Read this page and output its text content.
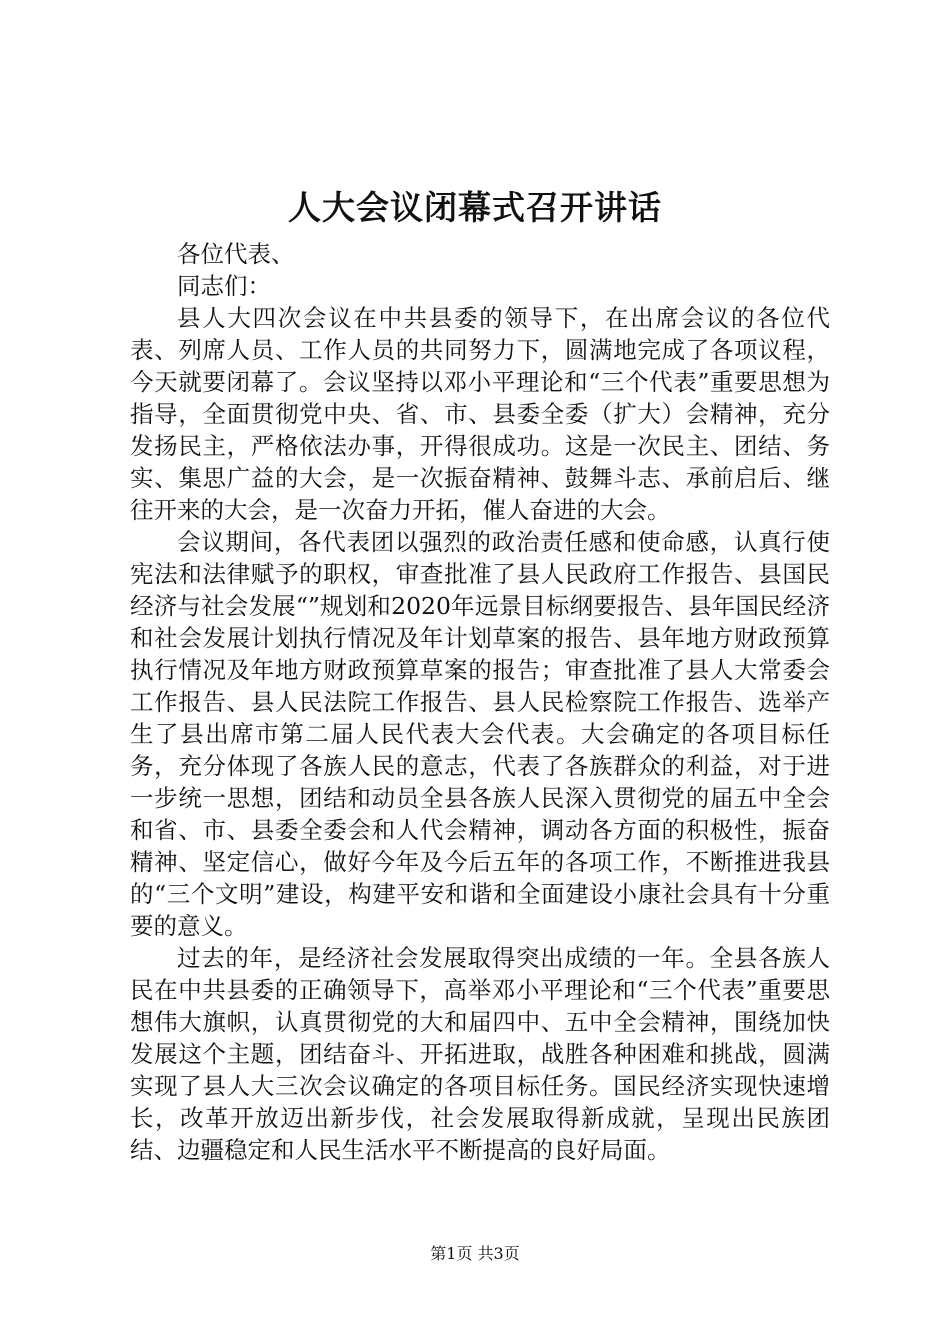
人大会议闭幕式召开讲话

各位代表、

同志们：

县人大四次会议在中共县委的领导下，在出席会议的各位代表、列席人员、工作人员的共同努力下，圆满地完成了各项议程，今天就要闭幕了。会议坚持以邓小平理论和“三个代表”重要思想为指导，全面贯彻党中央、省、市、县委全委（扩大）会精神，充分发扬民主，严格依法办事，开得很成功。这是一次民主、团结、务实、集思广益的大会，是一次振奋精神、鼓舞斗志、承前启后、继往开来的大会，是一次奋力开拓，催人奋进的大会。

会议期间，各代表团以强烈的政治责任感和使命感，认真行使宪法和法律赋予的职权，审查批准了县人民政府工作报告、县国民经济与社会发展“”规划和2020年远景目标纲要报告、县年国民经济和社会发展计划执行情况及年计划草案的报告、县年地方财政预算执行情况及年地方财政预算草案的报告；审查批准了县人大常委会工作报告、县人民法院工作报告、县人民检察院工作报告、选举产生了县出席市第二届人民代表大会代表。大会确定的各项目标任务，充分体现了各族人民的意志，代表了各族群众的利益，对于进一步统一思想，团结和动员全县各族人民深入贯彻党的届五中全会和省、市、县委全委会和人代会精神，调动各方面的积极性，振奋精神、坚定信心，做好今年及今后五年的各项工作，不断推进我县的“三个文明”建设，构建平安和谐和全面建设小康社会具有十分重要的意义。

过去的年，是经济社会发展取得突出成绩的一年。全县各族人民在中共县委的正确领导下，高举邓小平理论和“三个代表”重要思想伟大旗帜，认真贯彻党的大和届四中、五中全会精神，围绕加快发展这个主题，团结奋斗、开拓进取，战胜各种困难和挑战，圆满实现了县人大三次会议确定的各项目标任务。国民经济实现快速增长，改革开放迈出新步伐，社会发展取得新成就，呈现出民族团结、边疆稳定和人民生活水平不断提高的良好局面。

第1页 共3页
